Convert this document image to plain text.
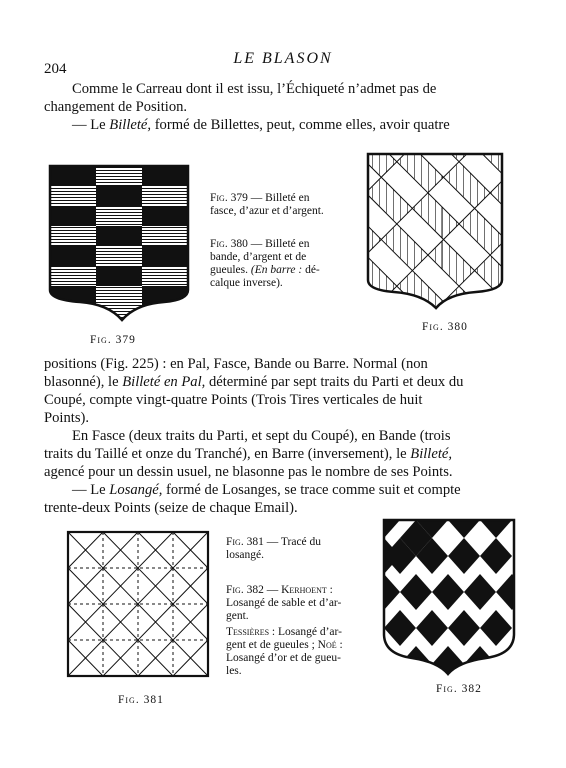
204
LE BLASON
Comme le Carreau dont il est issu, l’Échiqueté n’admet pas de
changement de Position.
— Le Billeté, formé de Billettes, peut, comme elles, avoir quatre
Fig. 379
Fig. 379 — Billeté en
fasce, d’azur et d’argent.
Fig. 380 — Billeté en
bande, d’argent et de
gueules. (En barre : dé-
calque inverse).
Fig. 380
positions (Fig. 225) : en Pal, Fasce, Bande ou Barre. Normal (non
blasonné), le Billeté en Pal, déterminé par sept traits du Parti et deux du
Coupé, compte vingt-quatre Points (Trois Tires verticales de huit
Points).
En Fasce (deux traits du Parti, et sept du Coupé), en Bande (trois
traits du Taillé et onze du Tranché), en Barre (inversement), le Billeté,
agencé pour un dessin usuel, ne blasonne pas le nombre de ses Points.
— Le Losangé, formé de Losanges, se trace comme suit et compte
trente-deux Points (seize de chaque Email).
Fig. 381
Fig. 381 — Tracé du
losangé.
Fig. 382 — Kerhoent :
Losangé de sable et d’ar-
gent.
Tessières : Losangé d’ar-
gent et de gueules ; Noé :
Losangé d’or et de gueu-
les.
Fig. 382
